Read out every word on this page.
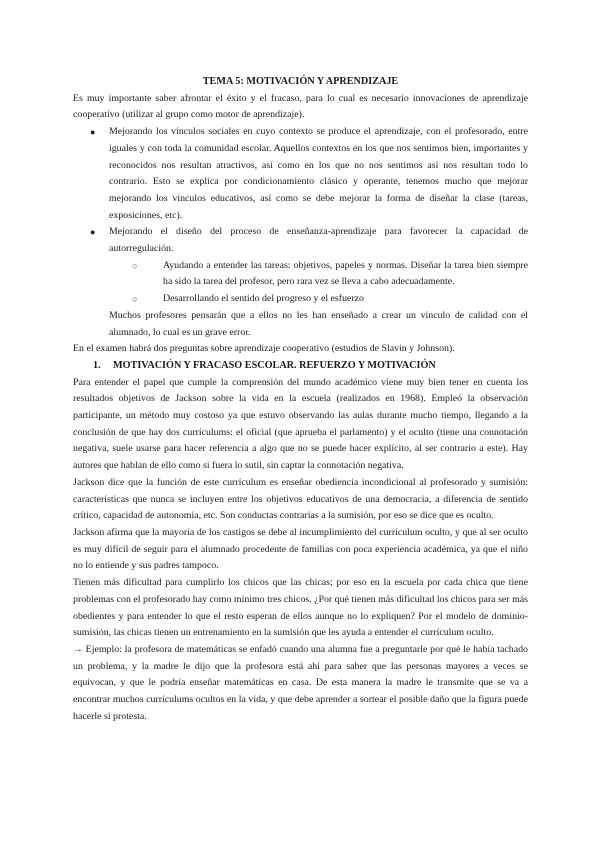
TEMA 5: MOTIVACIÓN Y APRENDIZAJE

Es muy importante saber afrontar el éxito y el fracaso, para lo cual es necesario innovaciones de aprendizaje cooperativo (utilizar al grupo como motor de aprendizaje).

● Mejorando los vínculos sociales en cuyo contexto se produce el aprendizaje, con el profesorado, entre iguales y con toda la comunidad escolar. Aquellos contextos en los que nos sentimos bien, importantes y reconocidos nos resultan atractivos, así como en los que no nos sentimos así nos resultan todo lo contrario. Esto se explica por condicionamiento clásico y operante, tenemos mucho que mejorar mejorando los vínculos educativos, así como se debe mejorar la forma de diseñar la clase (tareas, exposiciones, etc).
● Mejorando el diseño del proceso de enseñanza-aprendizaje para favorecer la capacidad de autorregulación.
○	Ayudando a entender las tareas: objetivos, papeles y normas. Diseñar la tarea bien siempre ha sido la tarea del profesor, pero rara vez se lleva a cabo adecuadamente.
○	Desarrollando el sentido del progreso y el esfuerzo

Muchos profesores pensarán que a ellos no les han enseñado a crear un vínculo de calidad con el alumnado, lo cual es un grave error.

En el examen habrá dos preguntas sobre aprendizaje cooperativo (estudios de Slavin y Johnson).

1. MOTIVACIÓN Y FRACASO ESCOLAR. REFUERZO Y MOTIVACIÓN

Para entender el papel que cumple la comprensión del mundo académico viene muy bien tener en cuenta los resultados objetivos de Jackson sobre la vida en la escuela (realizados en 1968). Empleó la observación participante, un método muy costoso ya que estuvo observando las aulas durante mucho tiempo, llegando a la conclusión de que hay dos currículums: el oficial (que aprueba el parlamento) y el oculto (tiene una connotación negativa, suele usarse para hacer referencia a algo que no se puede hacer explícito, al ser contrario a este). Hay autores que hablan de ello como si fuera lo sutil, sin captar la connotación negativa.

Jackson dice que la función de este currículum es enseñar obediencia incondicional al profesorado y sumisión: características que nunca se incluyen entre los objetivos educativos de una democracia, a diferencia de sentido crítico, capacidad de autonomía, etc. Son conductas contrarias a la sumisión, por eso se dice que es oculto.

Jackson afirma que la mayoría de los castigos se debe al incumplimiento del currículum oculto, y que al ser oculto es muy difícil de seguir para el alumnado procedente de familias con poca experiencia académica, ya que el niño no lo entiende y sus padres tampoco.

Tienen más dificultad para cumplirlo los chicos que las chicas; por eso en la escuela por cada chica que tiene problemas con el profesorado hay como mínimo tres chicos. ¿Por qué tienen más dificultad los chicos para ser más obedientes y para entender lo que el resto esperan de ellos aunque no lo expliquen? Por el modelo de dominio-sumisión, las chicas tienen un entrenamiento en la sumisión que les ayuda a entender el currículum oculto.

→ Ejemplo: la profesora de matemáticas se enfadó cuando una alumna fue a preguntarle por qué le había tachado un problema, y la madre le dijo que la profesora está ahí para saber que las personas mayores a veces se equivocan, y que le podría enseñar matemáticas en casa. De esta manera la madre le transmite que se va a encontrar muchos currículums ocultos en la vida, y que debe aprender a sortear el posible daño que la figura puede hacerle si protesta.
